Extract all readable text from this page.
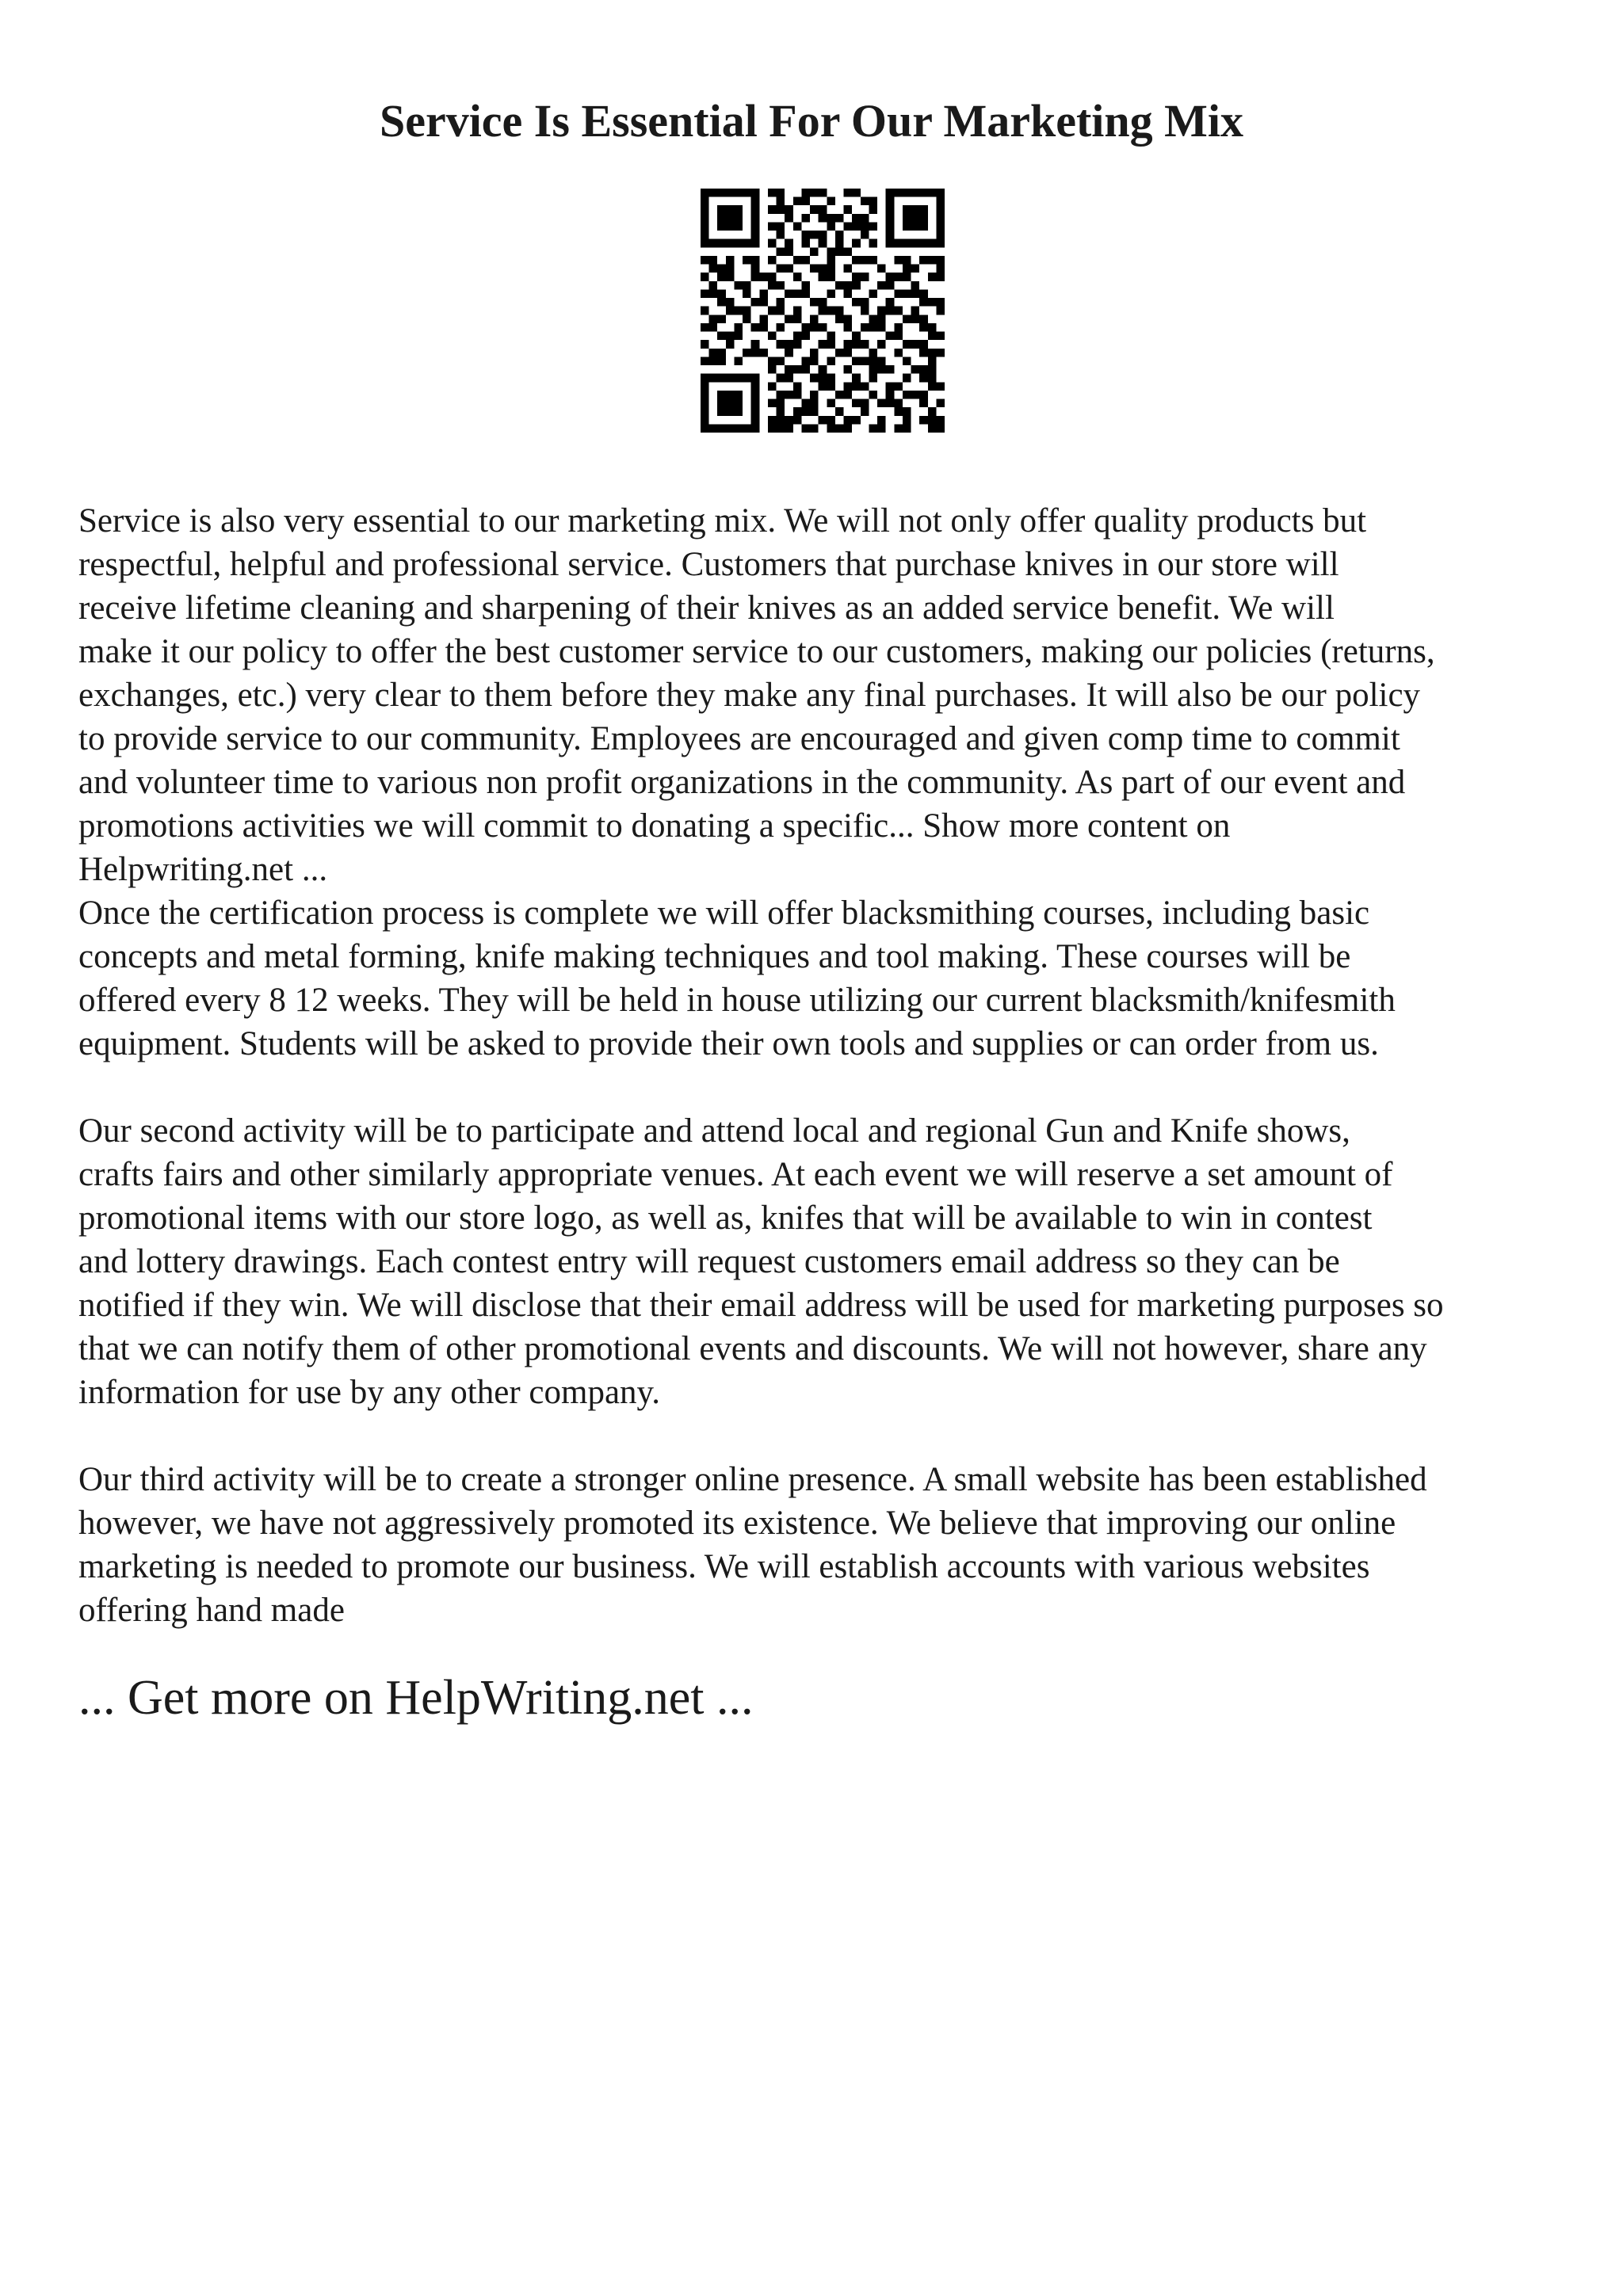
Service Is Essential For Our Marketing Mix

Service is also very essential to our marketing mix. We will not only offer quality products but
respectful, helpful and professional service. Customers that purchase knives in our store will
receive lifetime cleaning and sharpening of their knives as an added service benefit. We will
make it our policy to offer the best customer service to our customers, making our policies (returns,
exchanges, etc.) very clear to them before they make any final purchases. It will also be our policy
to provide service to our community. Employees are encouraged and given comp time to commit
and volunteer time to various non profit organizations in the community. As part of our event and
promotions activities we will commit to donating a specific... Show more content on
Helpwriting.net ...

Once the certification process is complete we will offer blacksmithing courses, including basic
concepts and metal forming, knife making techniques and tool making. These courses will be
offered every 8 12 weeks. They will be held in house utilizing our current blacksmith/knifesmith
equipment. Students will be asked to provide their own tools and supplies or can order from us.

Our second activity will be to participate and attend local and regional Gun and Knife shows,
crafts fairs and other similarly appropriate venues. At each event we will reserve a set amount of
promotional items with our store logo, as well as, knifes that will be available to win in contest
and lottery drawings. Each contest entry will request customers email address so they can be
notified if they win. We will disclose that their email address will be used for marketing purposes so
that we can notify them of other promotional events and discounts. We will not however, share any
information for use by any other company.

Our third activity will be to create a stronger online presence. A small website has been established
however, we have not aggressively promoted its existence. We believe that improving our online
marketing is needed to promote our business. We will establish accounts with various websites
offering hand made

... Get more on HelpWriting.net ...
